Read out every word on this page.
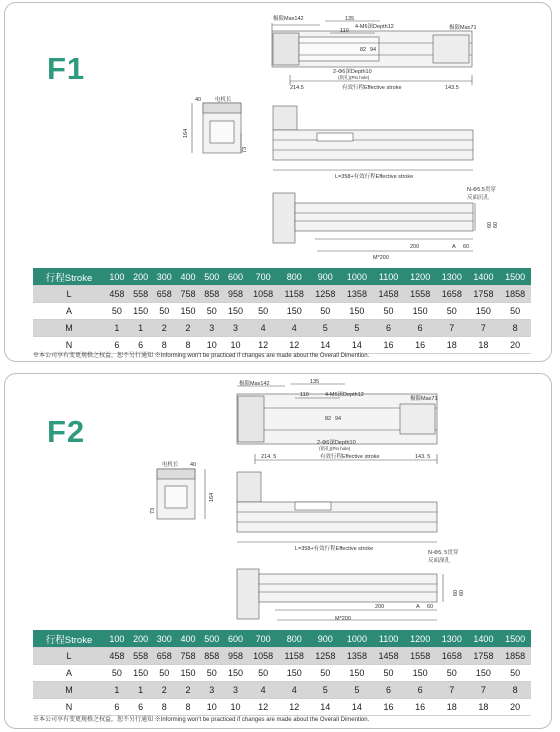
F1
极限Max142
极限Max71
135
110
4-M6深Depth12
82 94
2-Φ6深Depth10
(销孔)(Pin hole)
214.5	有效行程Effective stroke	143.5
40	电机长
164
73
L=358+有效行程Effective stroke
N-Φ5.5贯穿
反面沉孔
60 60
200	A 60
M*200
行程Stroke	100	200	300	400	500	600	700	800	900	1000	1100	1200	1300	1400	1500
L	458	558	658	758	858	958	1058	1158	1258	1358	1458	1558	1658	1758	1858
A	50	150	50	150	50	150	50	150	50	150	50	150	50	150	50
M	1	1	2	2	3	3	4	4	5	5	6	6	7	7	8
N	6	6	8	8	10	10	12	12	14	14	16	16	18	18	20
※本公司享有变更规格之权益，恕不另行通知 ※Informing won't be practiced if changes are made about the Overall Dimention.
F2
极限Max142
极限Max71
135
110	4-M6深Depth12
82 94
2-Φ6深Depth10
(销孔)(Pin hole)
214. 5	有效行程Effective stroke	143. 5
电机长 40
164
73
L=358+有效行程Effective stroke
N-Φ5. 5贯穿
反面深孔
60 60
200	A 60
M*200
行程Stroke	100	200	300	400	500	600	700	800	900	1000	1100	1200	1300	1400	1500
L	458	558	658	758	858	958	1058	1158	1258	1358	1458	1558	1658	1758	1858
A	50	150	50	150	50	150	50	150	50	150	50	150	50	150	50
M	1	1	2	2	3	3	4	4	5	5	6	6	7	7	8
N	6	6	8	8	10	10	12	12	14	14	16	16	18	18	20
※本公司享有变更规格之权益，恕不另行通知 ※Informing won't be practiced if changes are made about the Overall Dimention.
